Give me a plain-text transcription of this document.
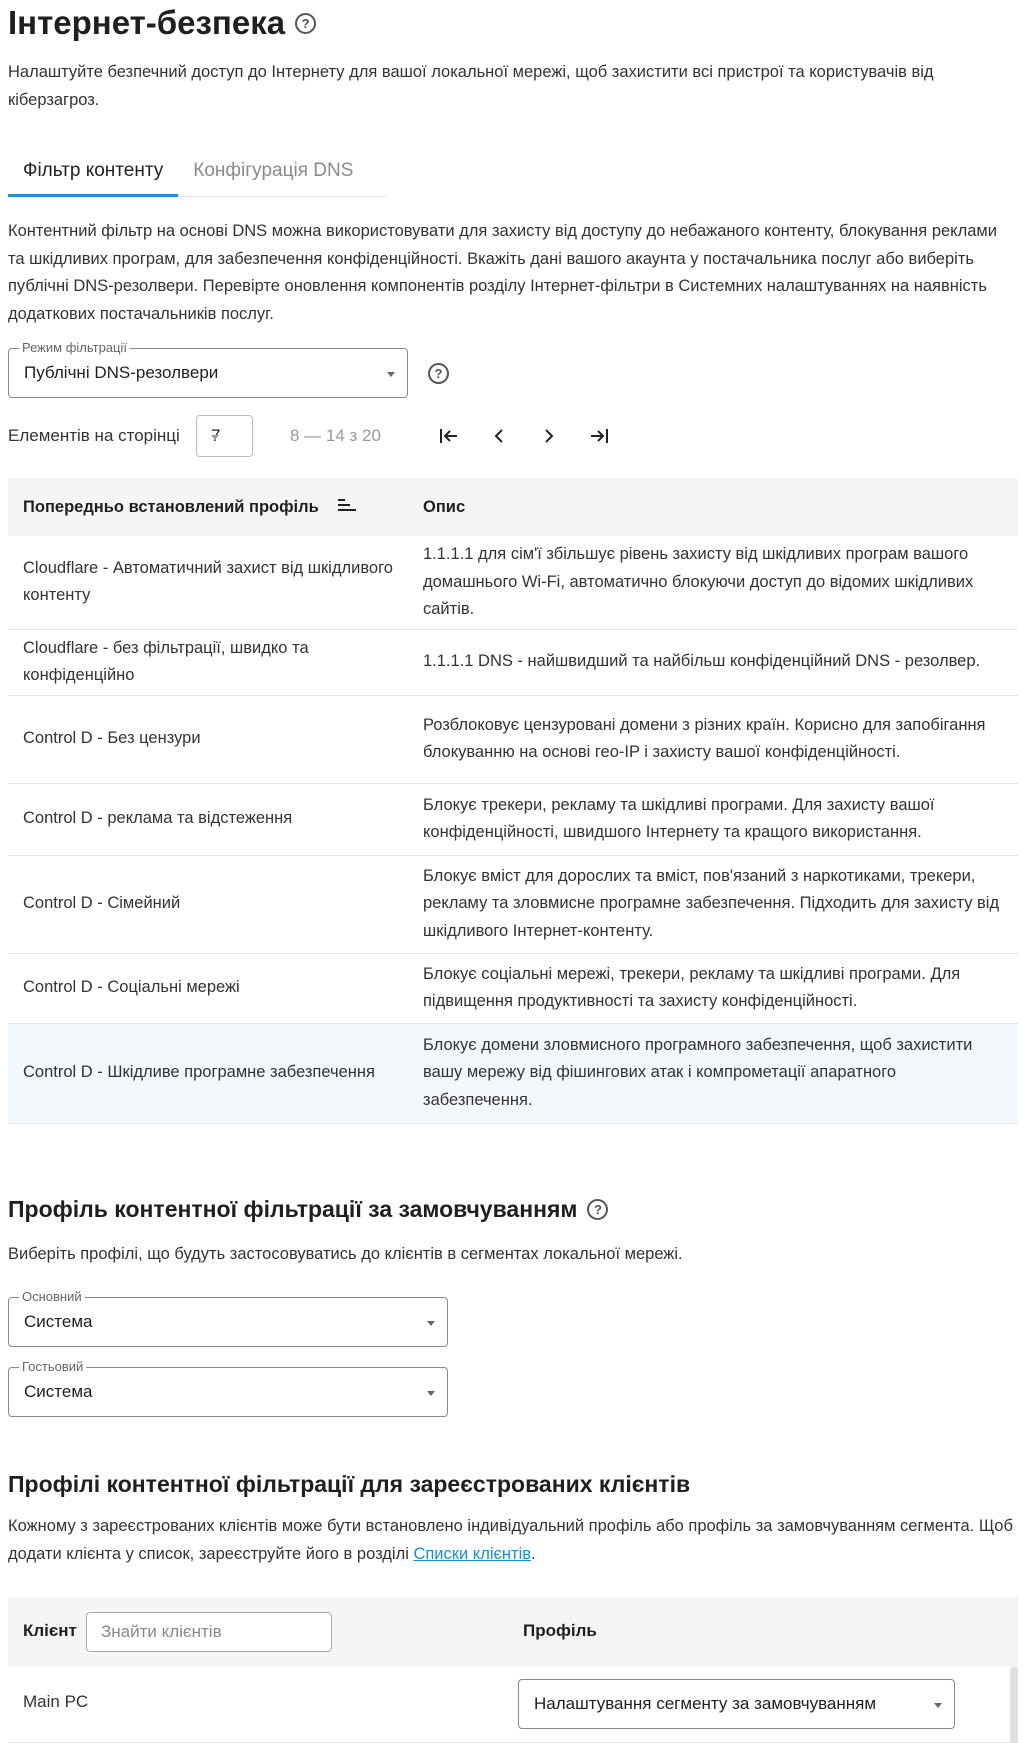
Інтернет-безпека	?

Налаштуйте безпечний доступ до Інтернету для вашої локальної мережі, щоб захистити всі пристрої та користувачів від кіберзагроз.

Фільтр контенту	Конфігурація DNS

Контентний фільтр на основі DNS можна використовувати для захисту від доступу до небажаного контенту, блокування реклами та шкідливих програм, для забезпечення конфіденційності. Вкажіть дані вашого акаунта у постачальника послуг або виберіть публічні DNS-резолвери. Перевірте оновлення компонентів розділу Інтернет-фільтри в Системних налаштуваннях на наявність додаткових постачальників послуг.

Режим фільтрації
Публічні DNS-резолвери	?
Елементів на сторінці 7	8 — 14 з 20
Попередньо встановлений профіль	Опис
Cloudflare - Автоматичний захист від шкідливого контенту	1.1.1.1 для сім'ї збільшує рівень захисту від шкідливих програм вашого домашнього Wi-Fi, автоматично блокуючи доступ до відомих шкідливих сайтів.
Cloudflare - без фільтрації, швидко та конфіденційно	1.1.1.1 DNS - найшвидший та найбільш конфіденційний DNS - резолвер.
Control D - Без цензури	Розблоковує цензуровані домени з різних країн. Корисно для запобігання блокуванню на основі гео-IP і захисту вашої конфіденційності.
Control D - реклама та відстеження	Блокує трекери, рекламу та шкідливі програми. Для захисту вашої конфіденційності, швидшого Інтернету та кращого використання.
Control D - Сімейний	Блокує вміст для дорослих та вміст, пов'язаний з наркотиками, трекери, рекламу та зловмисне програмне забезпечення. Підходить для захисту від шкідливого Інтернет-контенту.
Control D - Соціальні мережі	Блокує соціальні мережі, трекери, рекламу та шкідливі програми. Для підвищення продуктивності та захисту конфіденційності.
Control D - Шкідливе програмне забезпечення	Блокує домени зловмисного програмного забезпечення, щоб захистити вашу мережу від фішингових атак і компрометації апаратного забезпечення.
Профіль контентної фільтрації за замовчуванням	?

Виберіть профілі, що будуть застосовуватись до клієнтів в сегментах локальної мережі.

Основний
Система
Гостьовий
Система
Профілі контентної фільтрації для зареєстрованих клієнтів

Кожному з зареєстрованих клієнтів може бути встановлено індивідуальний профіль або профіль за замовчуванням сегмента. Щоб додати клієнта у список, зареєструйте його в розділі Списки клієнтів.

Клієнт
Знайти клієнтів	Профіль
Main PC	Налаштування сегменту за замовчуванням
